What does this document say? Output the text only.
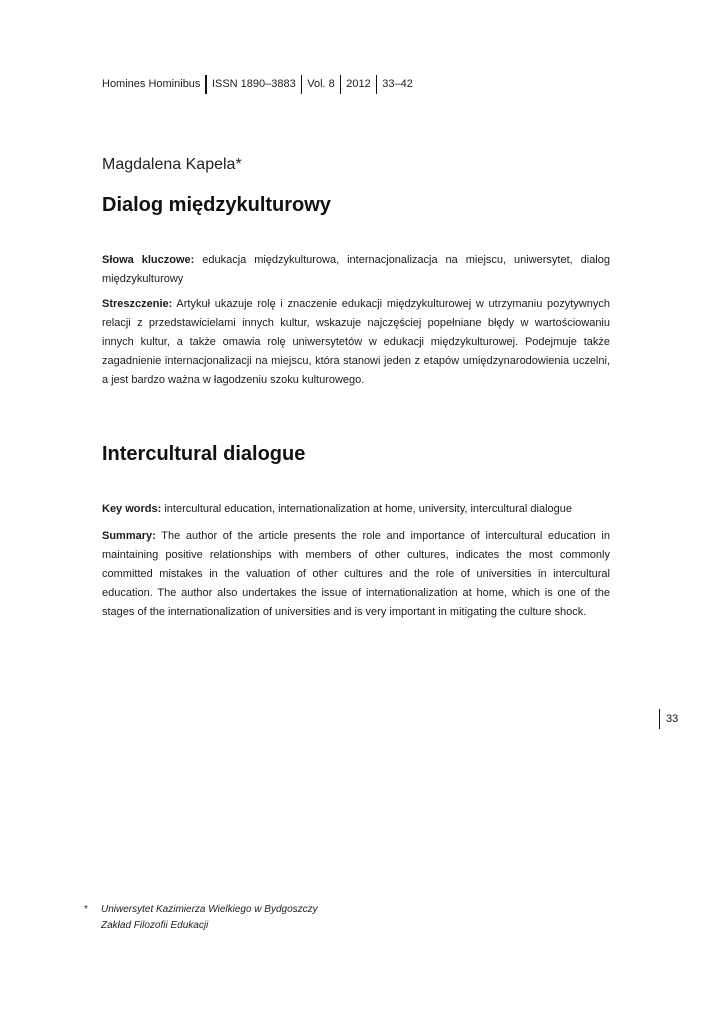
Homines Hominibus	ISSN 1890–3883	Vol. 8	2012	33–42
Magdalena Kapela*
Dialog międzykulturowy

Słowa kluczowe: edukacja międzykulturowa, internacjonalizacja na miejscu, uniwersytet, dialog międzykulturowy

Streszczenie: Artykuł ukazuje rolę i znaczenie edukacji międzykulturowej w utrzymaniu pozytywnych relacji z przedstawicielami innych kultur, wskazuje najczęściej popełniane błędy w wartościowaniu innych kultur, a także omawia rolę uniwersytetów w edukacji międzykulturowej. Podejmuje także zagadnienie internacjonalizacji na miejscu, która stanowi jeden z etapów umiędzynarodowienia uczelni, a jest bardzo ważna w łagodzeniu szoku kulturowego.

Intercultural dialogue

Key words: intercultural education, internationalization at home, university, intercultural dialogue

Summary: The author of the article presents the role and importance of intercultural education in maintaining positive relationships with members of other cultures, indicates the most commonly committed mistakes in the valuation of other cultures and the role of universities in intercultural education. The author also undertakes the issue of internationalization at home, which is one of the stages of the internationalization of universities and is very important in mitigating the culture shock.

33
* Uniwersytet Kazimierza Wielkiego w Bydgoszczy
Zakład Filozofii Edukacji
